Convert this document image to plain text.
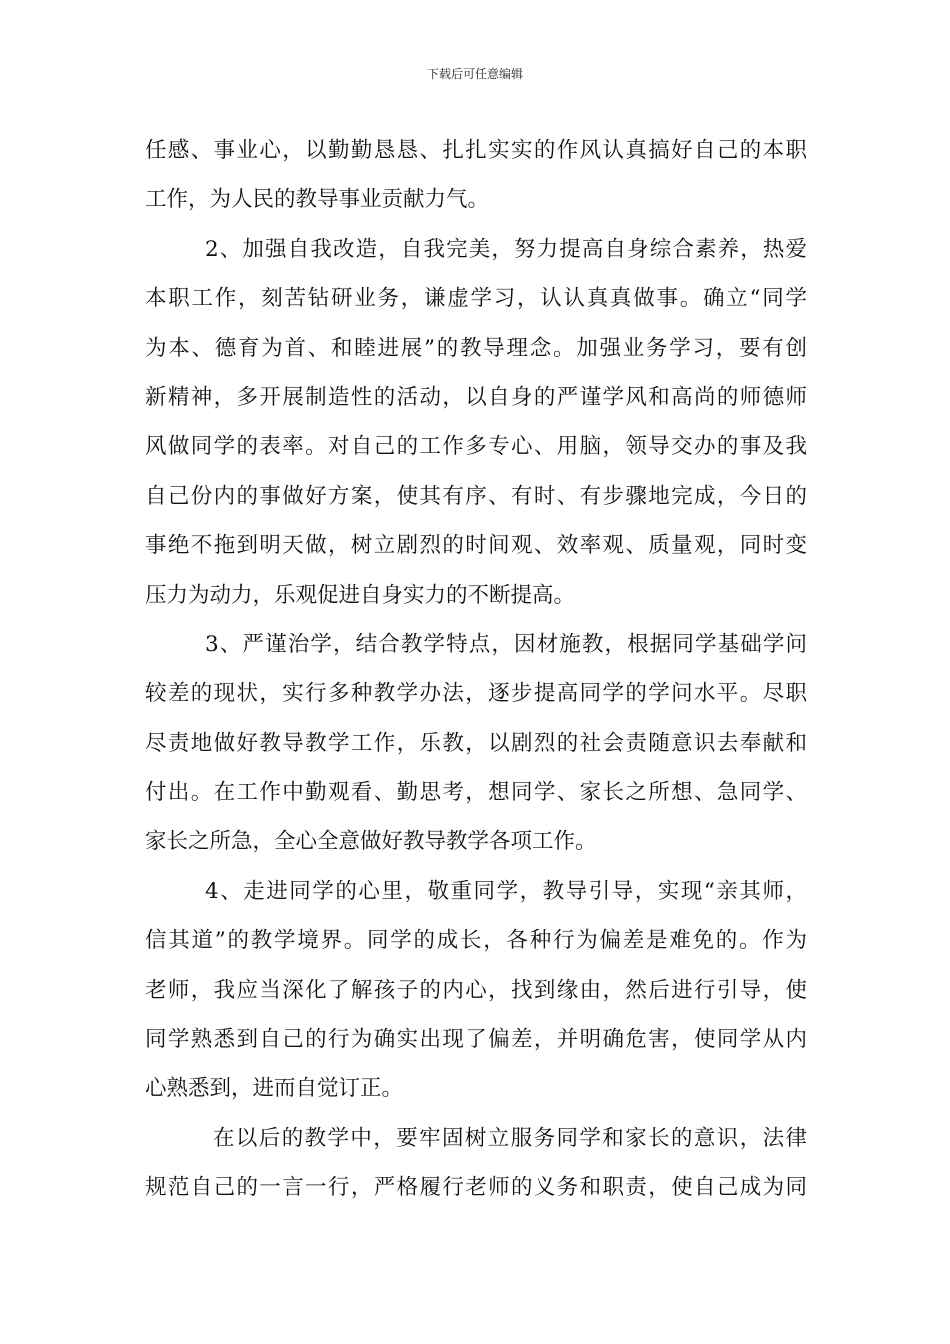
下载后可任意编辑
任感、事业心，以勤勤恳恳、扎扎实实的作风认真搞好自己的本职
工作，为人民的教导事业贡献力气。
2、加强自我改造，自我完美，努力提高自身综合素养，热爱
本职工作，刻苦钻研业务，谦虚学习，认认真真做事。确立“同学
为本、德育为首、和睦进展”的教导理念。加强业务学习，要有创
新精神，多开展制造性的活动，以自身的严谨学风和高尚的师德师
风做同学的表率。对自己的工作多专心、用脑，领导交办的事及我
自己份内的事做好方案，使其有序、有时、有步骤地完成，今日的
事绝不拖到明天做，树立剧烈的时间观、效率观、质量观，同时变
压力为动力，乐观促进自身实力的不断提高。
3、严谨治学，结合教学特点，因材施教，根据同学基础学问
较差的现状，实行多种教学办法，逐步提高同学的学问水平。尽职
尽责地做好教导教学工作，乐教，以剧烈的社会责随意识去奉献和
付出。在工作中勤观看、勤思考，想同学、家长之所想、急同学、
家长之所急，全心全意做好教导教学各项工作。
4、走进同学的心里，敬重同学，教导引导，实现“亲其师，
信其道”的教学境界。同学的成长，各种行为偏差是难免的。作为
老师，我应当深化了解孩子的内心，找到缘由，然后进行引导，使
同学熟悉到自己的行为确实出现了偏差，并明确危害，使同学从内
心熟悉到，进而自觉订正。
在以后的教学中，要牢固树立服务同学和家长的意识，法律
规范自己的一言一行，严格履行老师的义务和职责，使自己成为同
